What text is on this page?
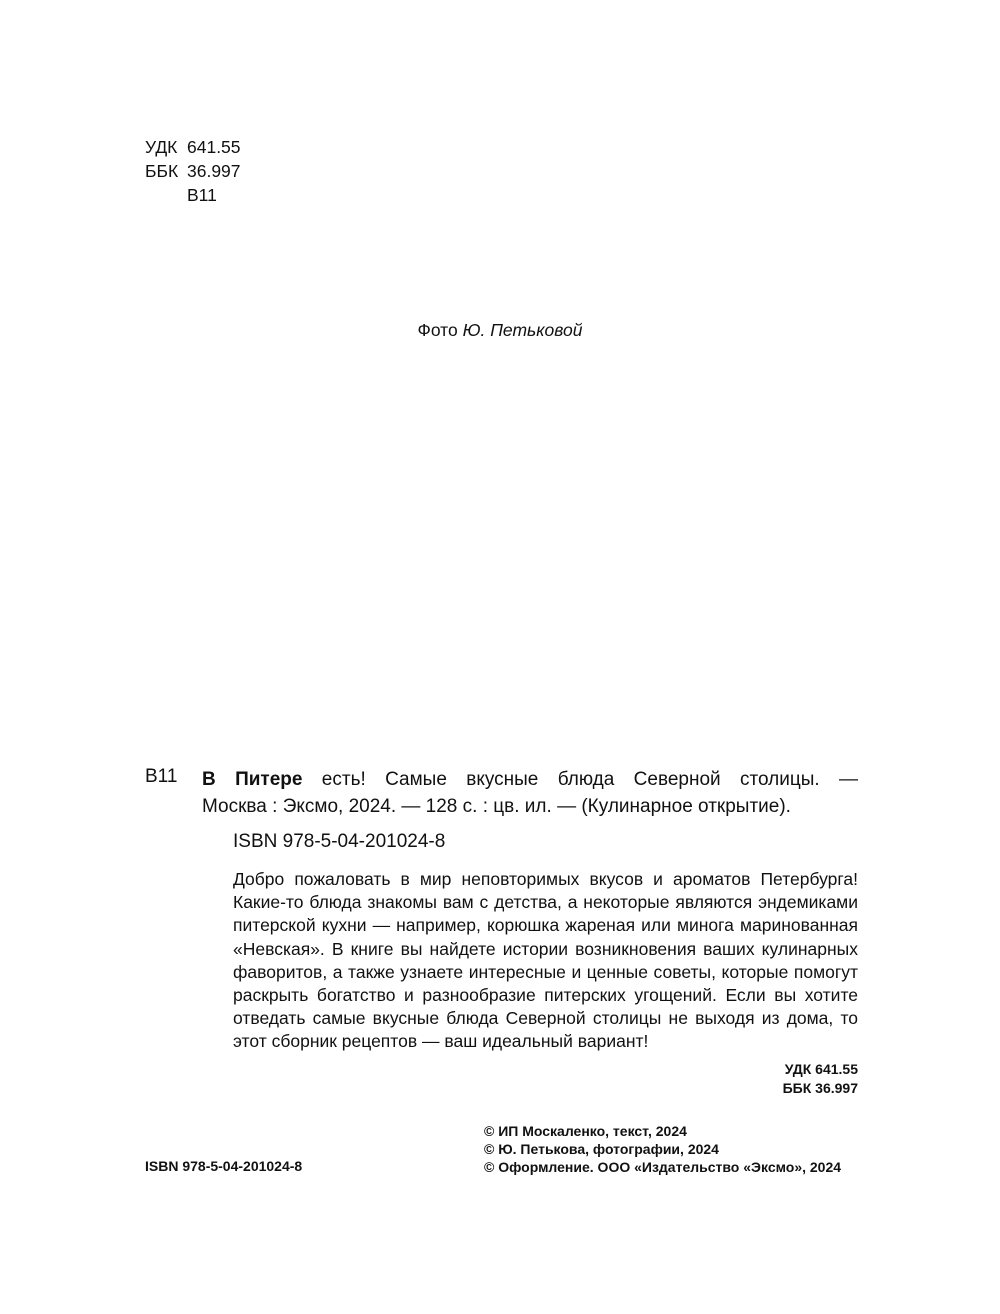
УДК 641.55
ББК 36.997
В11
Фото Ю. Петьковой
В11 В Питере есть! Самые вкусные блюда Северной столицы. —
Москва : Эксмо, 2024. — 128 с. : цв. ил. — (Кулинарное открытие).
ISBN 978-5-04-201024-8

Добро пожаловать в мир неповторимых вкусов и ароматов Петербурга!

Какие-то блюда знакомы вам с детства, а некоторые являются эндемиками

питерской кухни — например, корюшка жареная или минога маринованная

«Невская». В книге вы найдете истории возникновения ваших кулинарных

фаворитов, а также узнаете интересные и ценные советы, которые помогут

раскрыть богатство и разнообразие питерских угощений. Если вы хотите

отведать самые вкусные блюда Северной столицы не выходя из дома, то

этот сборник рецептов — ваш идеальный вариант!

УДК 641.55
ББК 36.997
© ИП Москаленко, текст, 2024
© Ю. Петькова, фотографии, 2024
© Оформление. ООО «Издательство «Эксмо», 2024
ISBN 978-5-04-201024-8
